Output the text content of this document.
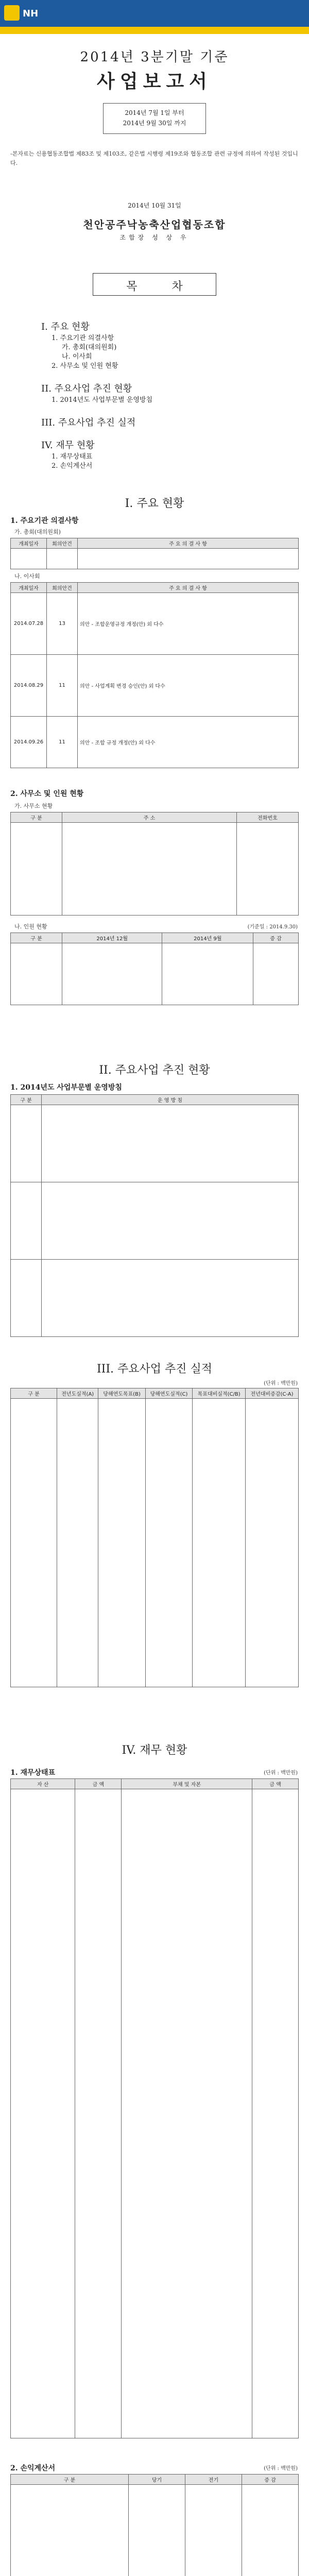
NH
2014년 3분기말 기준
사업보고서
2014년 7월 1일 부터
2014년 9월 30일 까지
-본자료는 신용협동조합법 제83조 및 제103조, 같은법 시행령 제19조와 협동조합 관련 규정에 의하여 작성된 것입니다.
2014년 10월 31일
천안공주낙농축산업협동조합
조합장 성 상 우
목 차
I. 주요 현황
1. 주요기관 의결사항
가. 총회(대의원회)
나. 이사회
2. 사무소 및 인원 현황
II. 주요사업 추진 현황
1. 2014년도 사업부문별 운영방침
III. 주요사업 추진 실적
IV. 재무 현황
1. 재무상태표
2. 손익계산서
I. 주요 현황
1. 주요기관 의결사항
가. 총회(대의원회)
개최일자	회의안건	주 요 의 결 사 항

나. 이사회
개최일자	회의안건	주 요 의 결 사 항
2014.07.28	13	의안 - 조합운영규정 개정(안) 외 다수
2014.08.29	11	의안 - 사업계획 변경 승인(안) 외 다수
2014.09.26	11	의안 - 조합 규정 개정(안) 외 다수
2. 사무소 및 인원 현황
가. 사무소 현황
구 분	주 소	전화번호

나. 인원 현황	(기준일 : 2014.9.30)
구 분	2014년 12월	2014년 9월	증 감

II. 주요사업 추진 현황
1. 2014년도 사업부문별 운영방침
구 분	운 영 방 침

III. 주요사업 추진 실적
(단위 : 백만원)
구 분	전년도실적(A)	당해연도목표(B)	당해연도실적(C)	목표대비실적(C/B)	전년대비증감(C-A)

IV. 재무 현황
1. 재무상태표	(단위 : 백만원)
자 산	금 액	부채 및 자본	금 액

2. 손익계산서	(단위 : 백만원)
구 분	당기	전기	증 감
